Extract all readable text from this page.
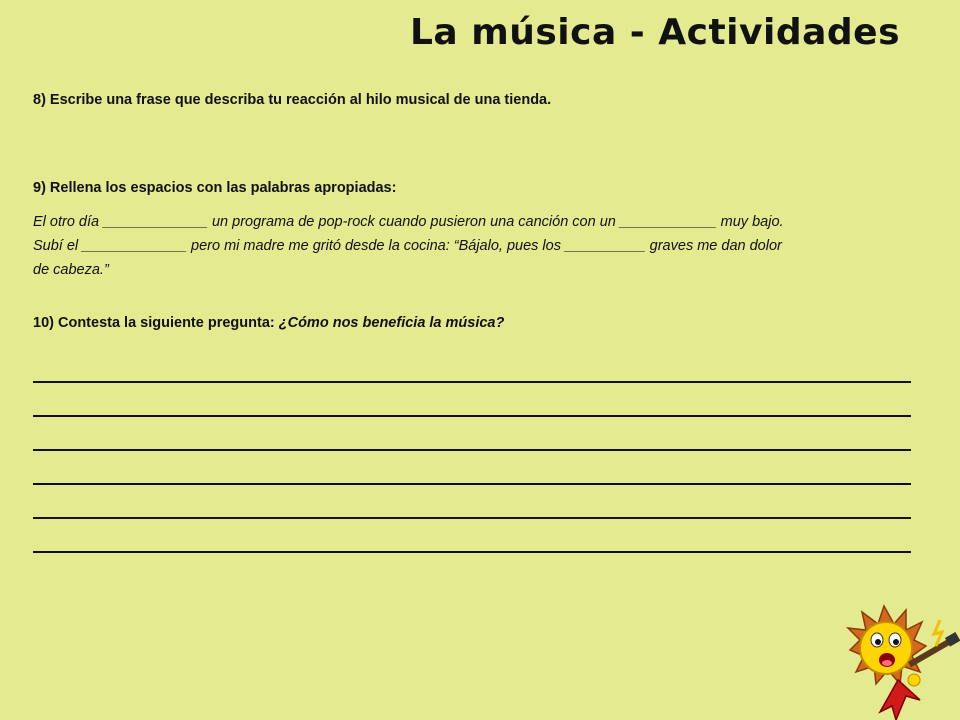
La música - Actividades
8) Escribe una frase que describa tu reacción al hilo musical de una tienda.
9) Rellena los espacios con las palabras apropiadas:
El otro día _____________ un programa de pop-rock cuando pusieron una canción con un ____________ muy bajo.
Subí el _____________ pero mi madre me gritó desde la cocina: “Bájalo, pues los __________ graves me dan dolor
de cabeza.”
10) Contesta la siguiente pregunta: ¿Cómo nos beneficia la música?
